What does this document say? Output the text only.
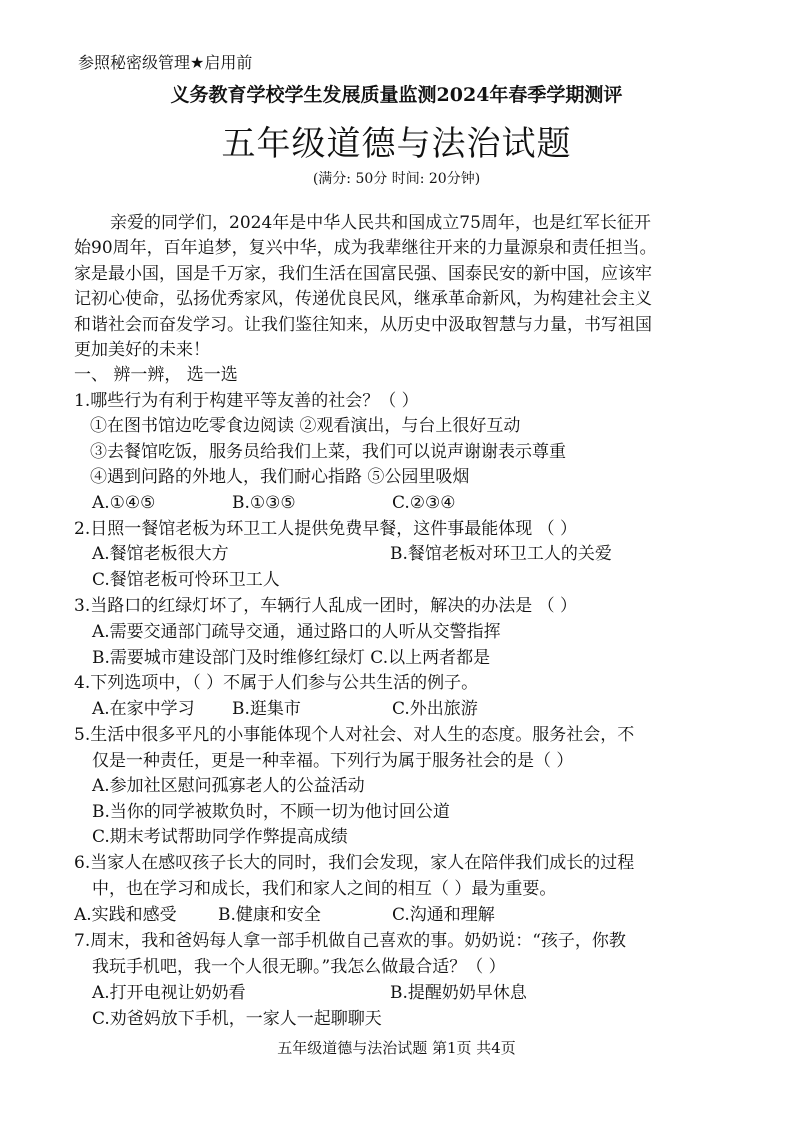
参照秘密级管理★启用前
义务教育学校学生发展质量监测2024年春季学期测评
五年级道德与法治试题
(满分: 50分 时间: 20分钟)
亲爱的同学们，2024年是中华人民共和国成立75周年，也是红军长征开
始90周年，百年追梦，复兴中华，成为我辈继往开来的力量源泉和责任担当。
家是最小国，国是千万家，我们生活在国富民强、国泰民安的新中国，应该牢
记初心使命，弘扬优秀家风，传递优良民风，继承革命新风，为构建社会主义
和谐社会而奋发学习。让我们鉴往知来，从历史中汲取智慧与力量，书写祖国
更加美好的未来！
一、 辨一辨， 选一选
1.哪些行为有利于构建平等友善的社会？（ ）
①在图书馆边吃零食边阅读 ②观看演出，与台上很好互动
③去餐馆吃饭，服务员给我们上菜，我们可以说声谢谢表示尊重
④遇到问路的外地人，我们耐心指路 ⑤公园里吸烟
A.①④⑤	B.①③⑤	C.②③④
2.日照一餐馆老板为环卫工人提供免费早餐，这件事最能体现 （ ）
A.餐馆老板很大方	B.餐馆老板对环卫工人的关爱
C.餐馆老板可怜环卫工人
3.当路口的红绿灯坏了，车辆行人乱成一团时，解决的办法是 （ ）
A.需要交通部门疏导交通，通过路口的人听从交警指挥
B.需要城市建设部门及时维修红绿灯 C.以上两者都是
4.下列选项中，（ ）不属于人们参与公共生活的例子。
A.在家中学习 B.逛集市	C.外出旅游
5.生活中很多平凡的小事能体现个人对社会、对人生的态度。服务社会，不
仅是一种责任，更是一种幸福。下列行为属于服务社会的是（ ）
A.参加社区慰问孤寡老人的公益活动
B.当你的同学被欺负时，不顾一切为他讨回公道
C.期末考试帮助同学作弊提高成绩
6.当家人在感叹孩子长大的同时，我们会发现，家人在陪伴我们成长的过程
中，也在学习和成长，我们和家人之间的相互（ ）最为重要。
A.实践和感受 B.健康和安全	C.沟通和理解
7.周末，我和爸妈每人拿一部手机做自己喜欢的事。奶奶说：“孩子，你教
我玩手机吧，我一个人很无聊。”我怎么做最合适？（ ）
A.打开电视让奶奶看	B.提醒奶奶早休息
C.劝爸妈放下手机，一家人一起聊聊天
五年级道德与法治试题 第1页 共4页
